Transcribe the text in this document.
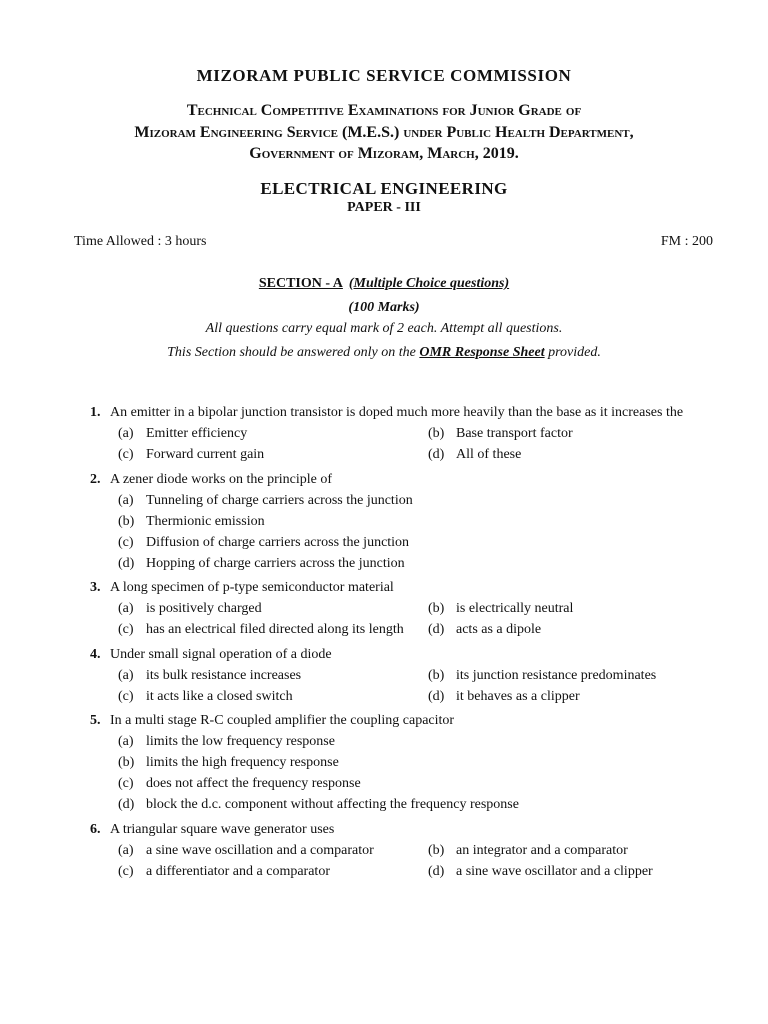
MIZORAM PUBLIC SERVICE COMMISSION
Technical Competitive Examinations for Junior Grade of
Mizoram Engineering Service (M.E.S.) under Public Health Department,
Government of Mizoram, March, 2019.
ELECTRICAL ENGINEERING
PAPER - III
Time Allowed : 3 hours	FM : 200
SECTION - A (Multiple Choice questions)
(100 Marks)
All questions carry equal mark of 2 each. Attempt all questions.
This Section should be answered only on the OMR Response Sheet provided.
1. An emitter in a bipolar junction transistor is doped much more heavily than the base as it increases the
(a) Emitter efficiency	(b) Base transport factor
(c) Forward current gain	(d) All of these
2. A zener diode works on the principle of
(a) Tunneling of charge carriers across the junction
(b) Thermionic emission
(c) Diffusion of charge carriers across the junction
(d) Hopping of charge carriers across the junction
3. A long specimen of p-type semiconductor material
(a) is positively charged	(b) is electrically neutral
(c) has an electrical filed directed along its length (d) acts as a dipole
4. Under small signal operation of a diode
(a) its bulk resistance increases	(b) its junction resistance predominates
(c) it acts like a closed switch	(d) it behaves as a clipper
5. In a multi stage R-C coupled amplifier the coupling capacitor
(a) limits the low frequency response
(b) limits the high frequency response
(c) does not affect the frequency response
(d) block the d.c. component without affecting the frequency response
6. A triangular square wave generator uses
(a) a sine wave oscillation and a comparator	(b) an integrator and a comparator
(c) a differentiator and a comparator	(d) a sine wave oscillator and a clipper
